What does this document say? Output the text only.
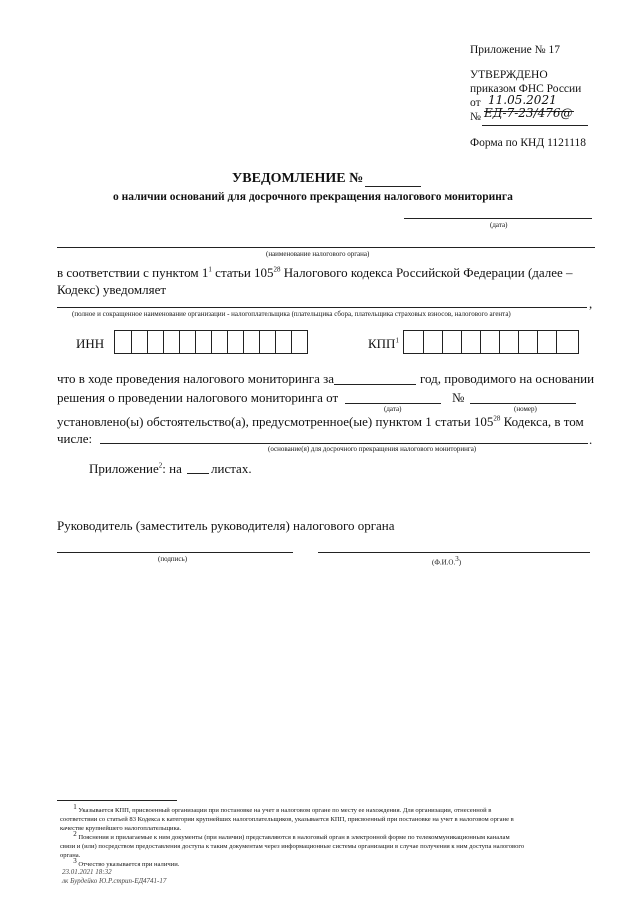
Приложение № 17
УТВЕРЖДЕНО
приказом ФНС России
от 11.05.2021
№ ЕД-7-23/476@
Форма по КНД 1121118
УВЕДОМЛЕНИЕ №
о наличии оснований для досрочного прекращения налогового мониторинга
(дата)
(наименование налогового органа)
в соответствии с пунктом $1^1$ статьи $105^{28}$ Налогового кодекса Российской Федерации (далее –
Кодекс) уведомляет
,
(полное и сокращенное наименование организации - налогоплательщика (плательщика сбора, плательщика страховых взносов, налогового агента)
ИНН	КПП$^1$
что в ходе проведения налогового мониторинга за	год, проводимого на основании
решения о проведении налогового мониторинга от	№
(дата)	(номер)
установлено(ы) обстоятельство(а), предусмотренное(ые) пунктом 1 статьи $105^{28}$ Кодекса, в том
числе:	.
(основание(я) для досрочного прекращения налогового мониторинга)
Приложение$^2$: на листах.
Руководитель (заместитель руководителя) налогового органа
(подпись)	(Ф.И.О.$^3$)
$^1$ Указывается КПП, присвоенный организации при постановке на учет в налоговом органе по месту ее нахождения. Для организации, отнесенной в
соответствии со статьей 83 Кодекса к категории крупнейших налогоплательщиков, указывается КПП, присвоенный при постановке на учет в налоговом органе в
качестве крупнейшего налогоплательщика.
$^2$ Пояснения и прилагаемые к ним документы (при наличии) представляются в налоговый орган в электронной форме по телекоммуникационным каналам
связи и (или) посредством предоставления доступа к таким документам через информационные системы организации в случае получения к ним доступа налогового
органа.
$^3$ Отчество указывается при наличии.
23.01.2021 18:32
лк Бурдейко Ю.Р.стрип-ЕД4741-17
